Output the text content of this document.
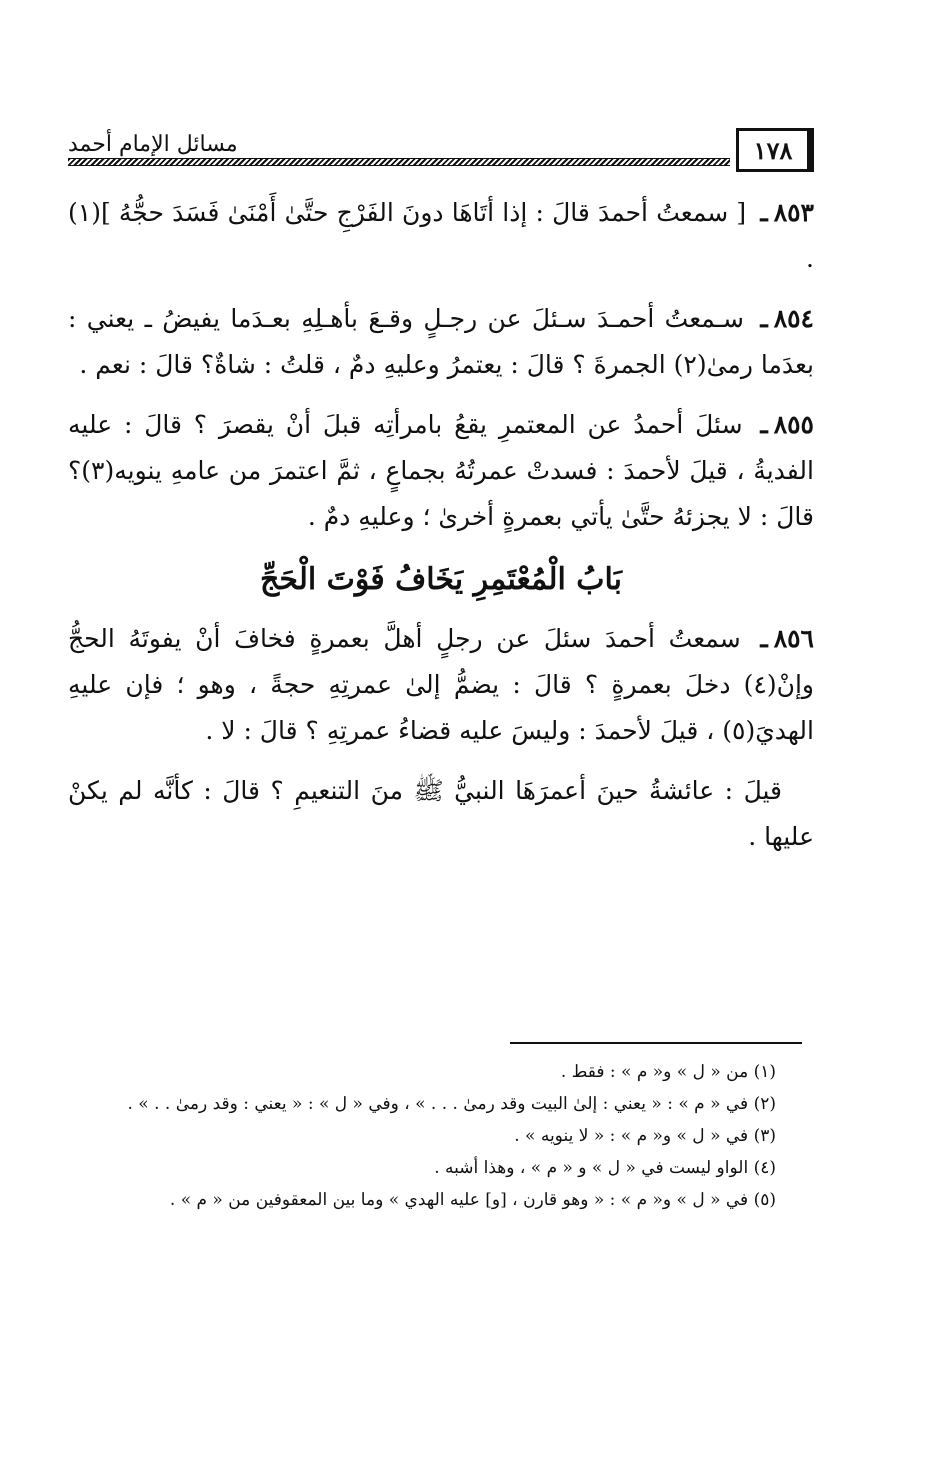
١٧٨
مسائل الإمام أحمد

٨٥٣ـ [ سمعتُ أحمدَ قالَ : إذا أتَاهَا دونَ الفَرْجِ حتَّىٰ أَمْنَىٰ فَسَدَ حجُّهُ ](١) .

٨٥٤ـ سـمعتُ أحمـدَ سـئلَ عن رجـلٍ وقـعَ بأهـلِهِ بعـدَما يفيضُ ـ يعني : بعدَما رمىٰ(٢) الجمرةَ ؟ قالَ : يعتمرُ وعليهِ دمٌ ، قلتُ : شاةٌ؟ قالَ : نعم .

٨٥٥ـ سئلَ أحمدُ عن المعتمرِ يقعُ بامرأتِه قبلَ أنْ يقصرَ ؟ قالَ : عليه الفديةُ ، قيلَ لأحمدَ : فسدتْ عمرتُهُ بجماعٍ ، ثمَّ اعتمرَ من عامهِ ينويه(٣)؟ قالَ : لا يجزئهُ حتَّىٰ يأتي بعمرةٍ أخرىٰ ؛ وعليهِ دمٌ .

بَابُ الْمُعْتَمِرِ يَخَافُ فَوْتَ الْحَجِّ

٨٥٦ـ سمعتُ أحمدَ سئلَ عن رجلٍ أهلَّ بعمرةٍ فخافَ أنْ يفوتَهُ الحجُّ وإنْ(٤) دخلَ بعمرةٍ ؟ قالَ : يضمُّ إلىٰ عمرتِهِ حجةً ، وهو ؛ فإن عليهِ الهديَ(٥) ، قيلَ لأحمدَ : وليسَ عليه قضاءُ عمرتِهِ ؟ قالَ : لا .

قيلَ : عائشةُ حينَ أعمرَهَا النبيُّ ﷺ منَ التنعيمِ ؟ قالَ : كأنَّه لم يكنْ عليها .

(١) من « ل » و« م » : فقط .

(٢) في « م » : « يعني : إلىٰ البيت وقد رمىٰ . . . » ، وفي « ل » : « يعني : وقد رمىٰ . . » .

(٣) في « ل » و« م » : « لا ينويه » .

(٤) الواو ليست في « ل » و « م » ، وهذا أشبه .

(٥) في « ل » و« م » : « وهو قارن ، [و] عليه الهدي » وما بين المعقوفين من « م » .
